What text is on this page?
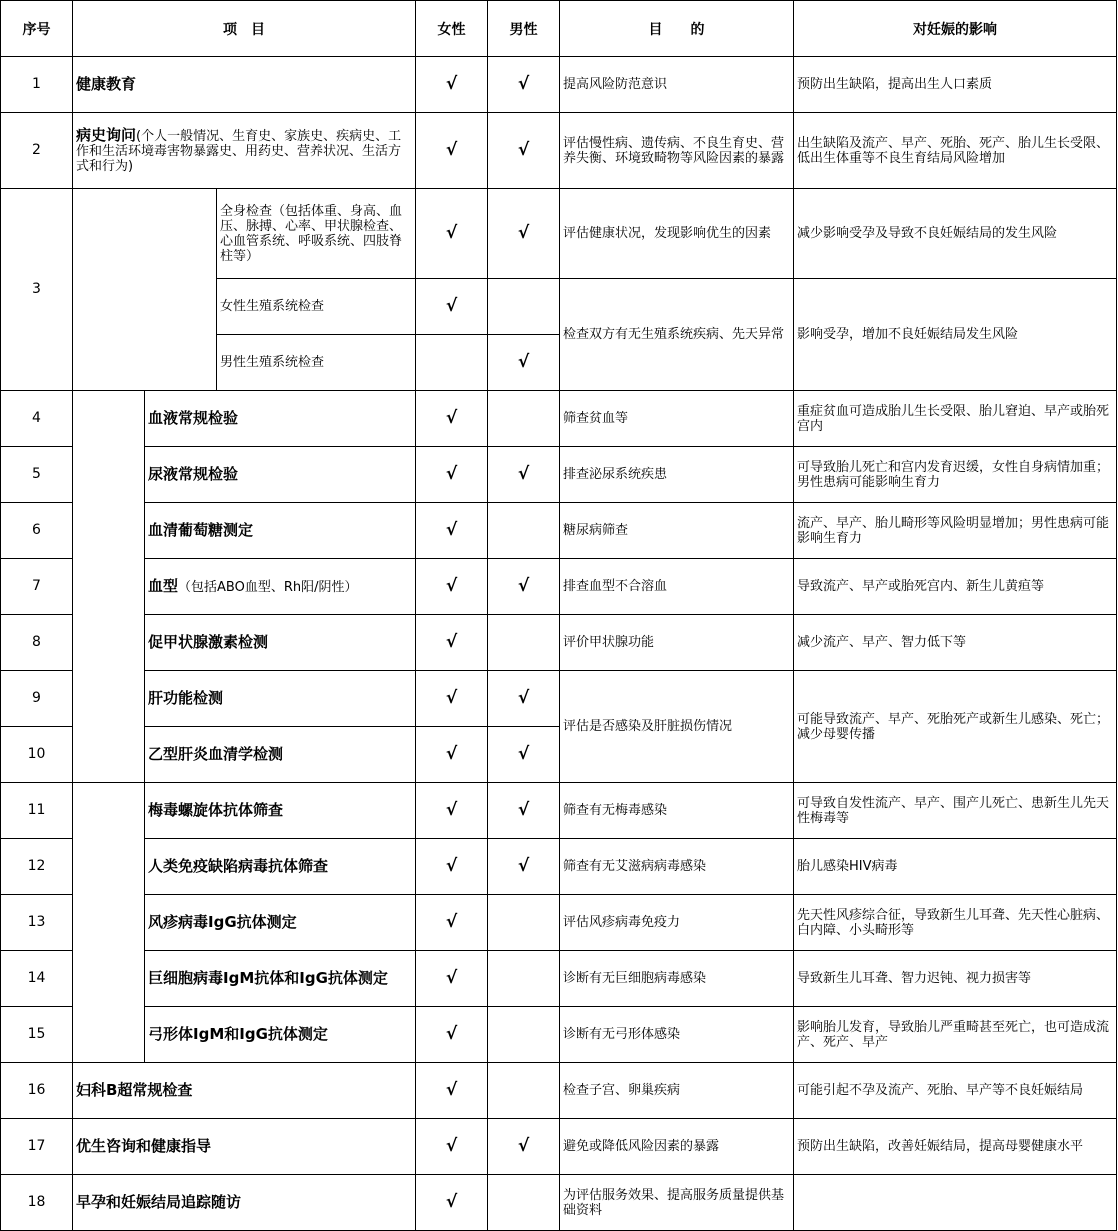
序号	项　目			女性	男性	目　　的	对妊娠的影响
1	健康教育			√	√	提高风险防范意识	预防出生缺陷，提高出生人口素质
2	病史询问(个人一般情况、生育史、家族史、疾病史、工作和生活环境毒害物暴露史、用药史、营养状况、生活方式和行为)			√	√	评估慢性病、遗传病、不良生育史、营养失衡、环境致畸物等风险因素的暴露	出生缺陷及流产、早产、死胎、死产、胎儿生长受限、低出生体重等不良生育结局风险增加
3			全身检查（包括体重、身高、血压、脉搏、心率、甲状腺检查、心血管系统、呼吸系统、四肢脊柱等）	√	√	评估健康状况，发现影响优生的因素	减少影响受孕及导致不良妊娠结局的发生风险
			女性生殖系统检查	√		检查双方有无生殖系统疾病、先天异常	影响受孕，增加不良妊娠结局发生风险
			男性生殖系统检查		√		
4		血液常规检验		√		筛查贫血等	重症贫血可造成胎儿生长受限、胎儿窘迫、早产或胎死宫内
5		尿液常规检验		√	√	排查泌尿系统疾患	可导致胎儿死亡和宫内发育迟缓，女性自身病情加重；男性患病可能影响生育力
6		血清葡萄糖测定		√		糖尿病筛查	流产、早产、胎儿畸形等风险明显增加；男性患病可能影响生育力
7		血型（包括ABO血型、Rh阳/阴性）		√	√	排查血型不合溶血	导致流产、早产或胎死宫内、新生儿黄疸等
8		促甲状腺激素检测		√		评价甲状腺功能	减少流产、早产、智力低下等
9		肝功能检测		√	√	评估是否感染及肝脏损伤情况	可能导致流产、早产、死胎死产或新生儿感染、死亡；减少母婴传播
10		乙型肝炎血清学检测		√	√		
11		梅毒螺旋体抗体筛查		√	√	筛查有无梅毒感染	可导致自发性流产、早产、围产儿死亡、患新生儿先天性梅毒等
12		人类免疫缺陷病毒抗体筛查		√	√	筛查有无艾滋病病毒感染	胎儿感染HIV病毒
13		风疹病毒IgG抗体测定		√		评估风疹病毒免疫力	先天性风疹综合征，导致新生儿耳聋、先天性心脏病、白内障、小头畸形等
14		巨细胞病毒IgM抗体和IgG抗体测定		√		诊断有无巨细胞病毒感染	导致新生儿耳聋、智力迟钝、视力损害等
15		弓形体IgM和IgG抗体测定		√		诊断有无弓形体感染	影响胎儿发育，导致胎儿严重畸甚至死亡，也可造成流产、死产、早产
16	妇科B超常规检查			√		检查子宫、卵巢疾病	可能引起不孕及流产、死胎、早产等不良妊娠结局
17	优生咨询和健康指导			√	√	避免或降低风险因素的暴露	预防出生缺陷，改善妊娠结局，提高母婴健康水平
18	早孕和妊娠结局追踪随访			√		为评估服务效果、提高服务质量提供基础资料	
